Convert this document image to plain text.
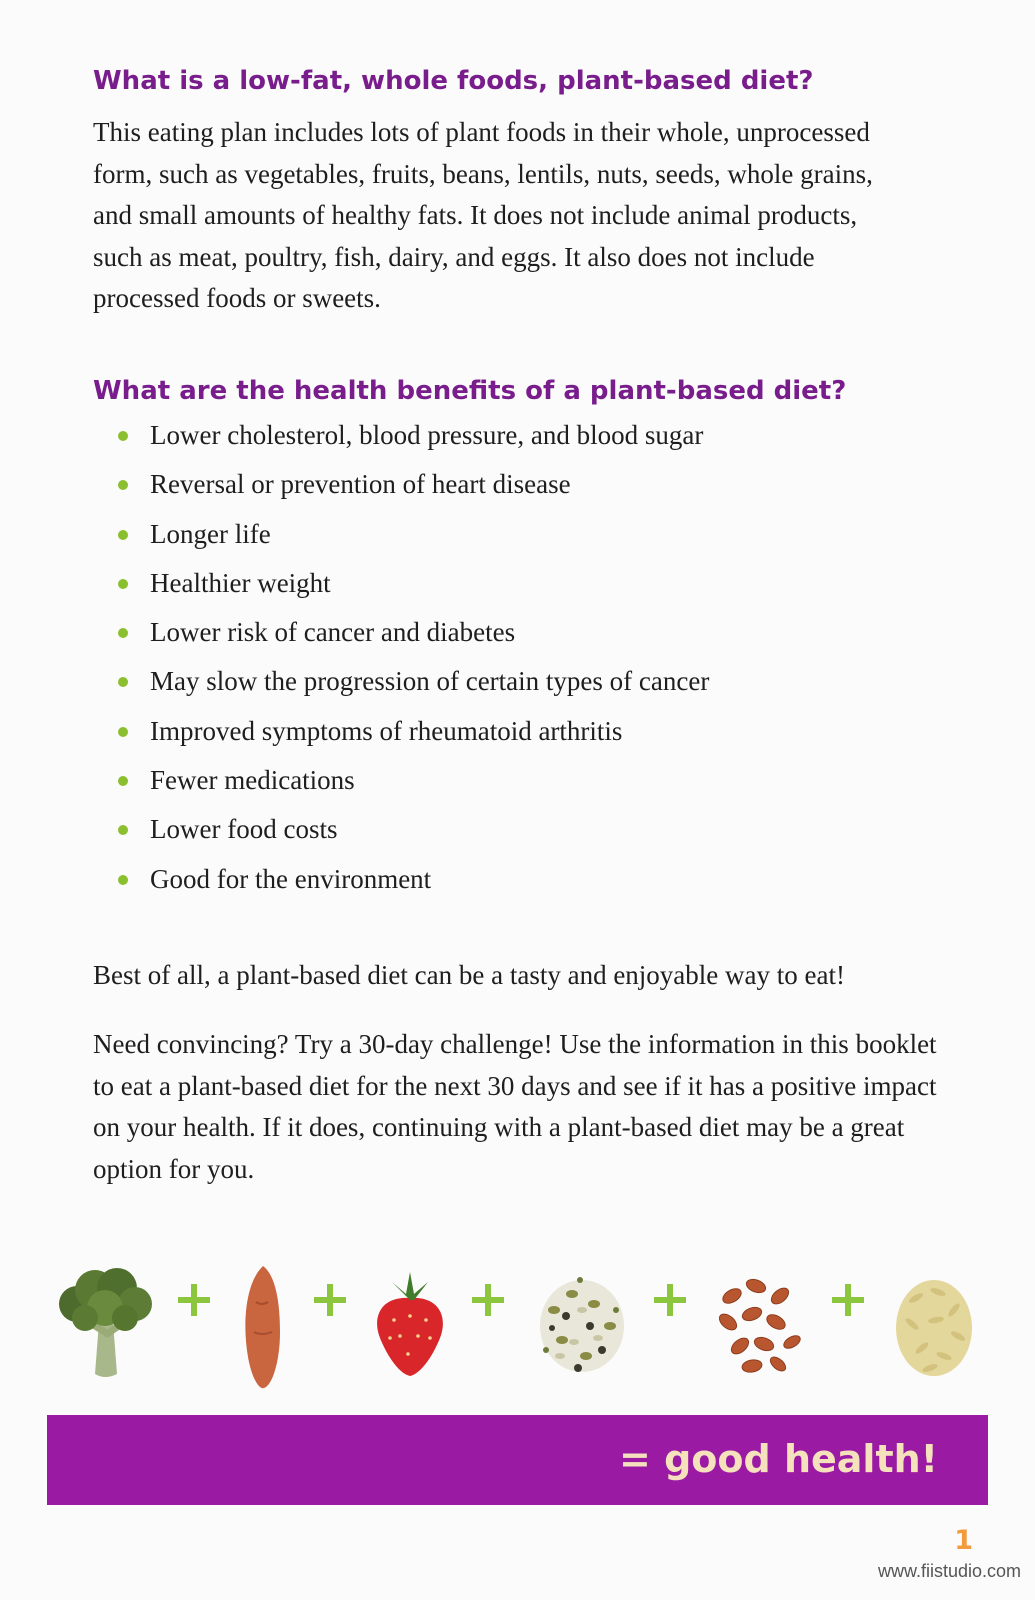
What is a low-fat, whole foods, plant-based diet?

This eating plan includes lots of plant foods in their whole, unprocessed form, such as vegetables, fruits, beans, lentils, nuts, seeds, whole grains, and small amounts of healthy fats. It does not include animal products, such as meat, poultry, fish, dairy, and eggs. It also does not include processed foods or sweets.

What are the health benefits of a plant-based diet?
Lower cholesterol, blood pressure, and blood sugar
Reversal or prevention of heart disease
Longer life
Healthier weight
Lower risk of cancer and diabetes
May slow the progression of certain types of cancer
Improved symptoms of rheumatoid arthritis
Fewer medications
Lower food costs
Good for the environment

Best of all, a plant-based diet can be a tasty and enjoyable way to eat!

Need convincing? Try a 30-day challenge! Use the information in this booklet to eat a plant-based diet for the next 30 days and see if it has a positive impact on your health. If it does, continuing with a plant-based diet may be a great option for you.

= good health!
1
www.fiistudio.com
